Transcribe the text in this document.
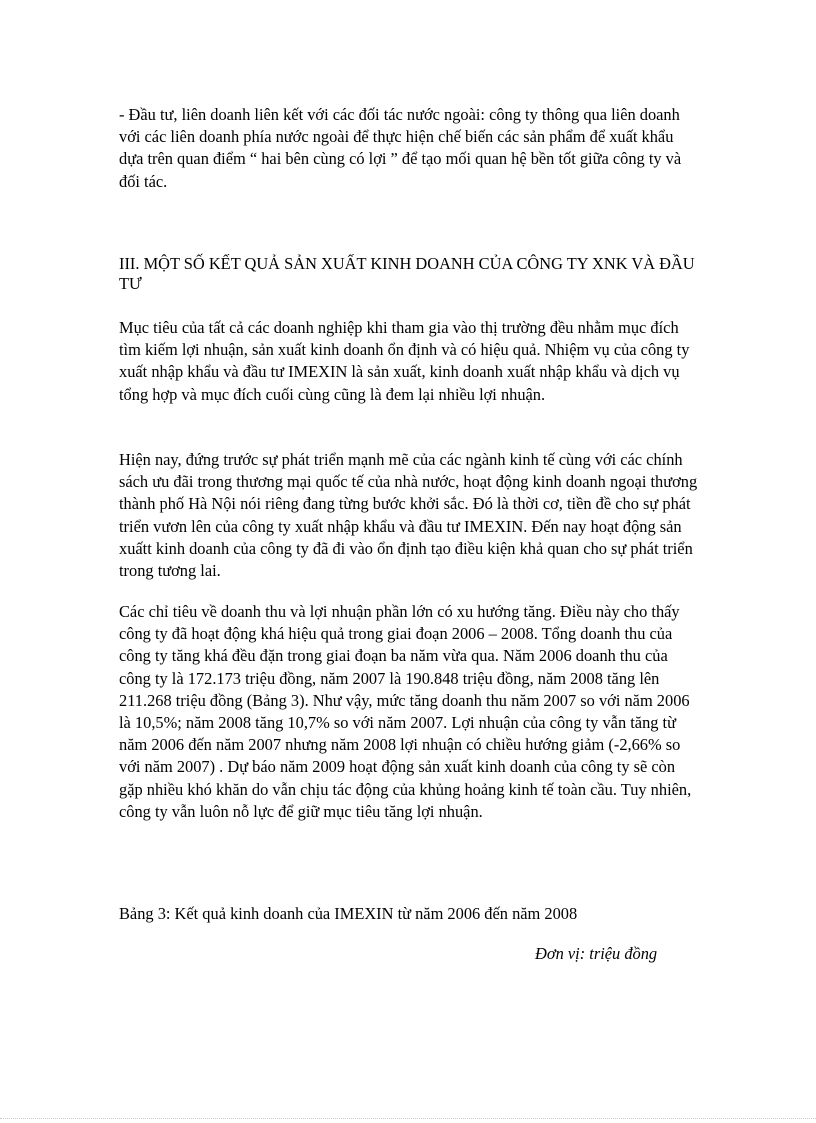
- Đầu tư, liên doanh liên kết với các đối tác nước ngoài: công ty thông qua liên doanh với các liên doanh phía nước ngoài để thực hiện chế biến các sản phẩm để xuất khẩu dựa trên quan điểm “ hai bên cùng có lợi ” để tạo mối quan hệ bền tốt giữa công ty và đối tác.

III. MỘT SỐ KẾT QUẢ SẢN XUẤT KINH DOANH CỦA CÔNG TY XNK VÀ ĐẦU TƯ

Mục tiêu của tất cả các doanh nghiệp khi tham gia vào thị trường đều nhằm mục đích tìm kiếm lợi nhuận, sản xuất kinh doanh ổn định và có hiệu quả. Nhiệm vụ của công ty xuất nhập khẩu và đầu tư IMEXIN là sản xuất, kinh doanh xuất nhập khẩu và dịch vụ tổng hợp và mục đích cuối cùng cũng là đem lại nhiều lợi nhuận.

Hiện nay, đứng trước sự phát triển mạnh mẽ của các ngành kinh tế cùng với các chính sách ưu đãi trong thương mại quốc tế của nhà nước, hoạt động kinh doanh ngoại thương thành phố Hà Nội nói riêng đang từng bước khởi sắc. Đó là thời cơ, tiền đề cho sự phát triển vươn lên của công ty xuất nhập khẩu và đầu tư IMEXIN. Đến nay hoạt động sản xuấtt kinh doanh của công ty đã đi vào ổn định tạo điều kiện khả quan cho sự phát triển trong tương lai.

Các chỉ tiêu về doanh thu và lợi nhuận phần lớn có xu hướng tăng. Điều này cho thấy công ty đã hoạt động khá hiệu quả trong giai đoạn 2006 – 2008. Tổng doanh thu của công ty tăng khá đều đặn trong giai đoạn ba năm vừa qua. Năm 2006 doanh thu của công ty là 172.173 triệu đồng, năm 2007 là 190.848 triệu đồng, năm 2008 tăng lên 211.268 triệu đồng (Bảng 3). Như vậy, mức tăng doanh thu năm 2007 so với năm 2006 là 10,5%; năm 2008 tăng 10,7% so với năm 2007. Lợi nhuận của công ty vẫn tăng từ năm 2006 đến năm 2007 nhưng năm 2008 lợi nhuận có chiều hướng giảm (-2,66% so với năm 2007) . Dự báo năm 2009 hoạt động sản xuất kinh doanh của công ty sẽ còn gặp nhiều khó khăn do vẫn chịu tác động của khủng hoảng kinh tế toàn cầu. Tuy nhiên, công ty vẫn luôn nỗ lực để giữ mục tiêu tăng lợi nhuận.

Bảng 3: Kết quả kinh doanh của IMEXIN từ năm 2006 đến năm 2008

Đơn vị: triệu đồng
